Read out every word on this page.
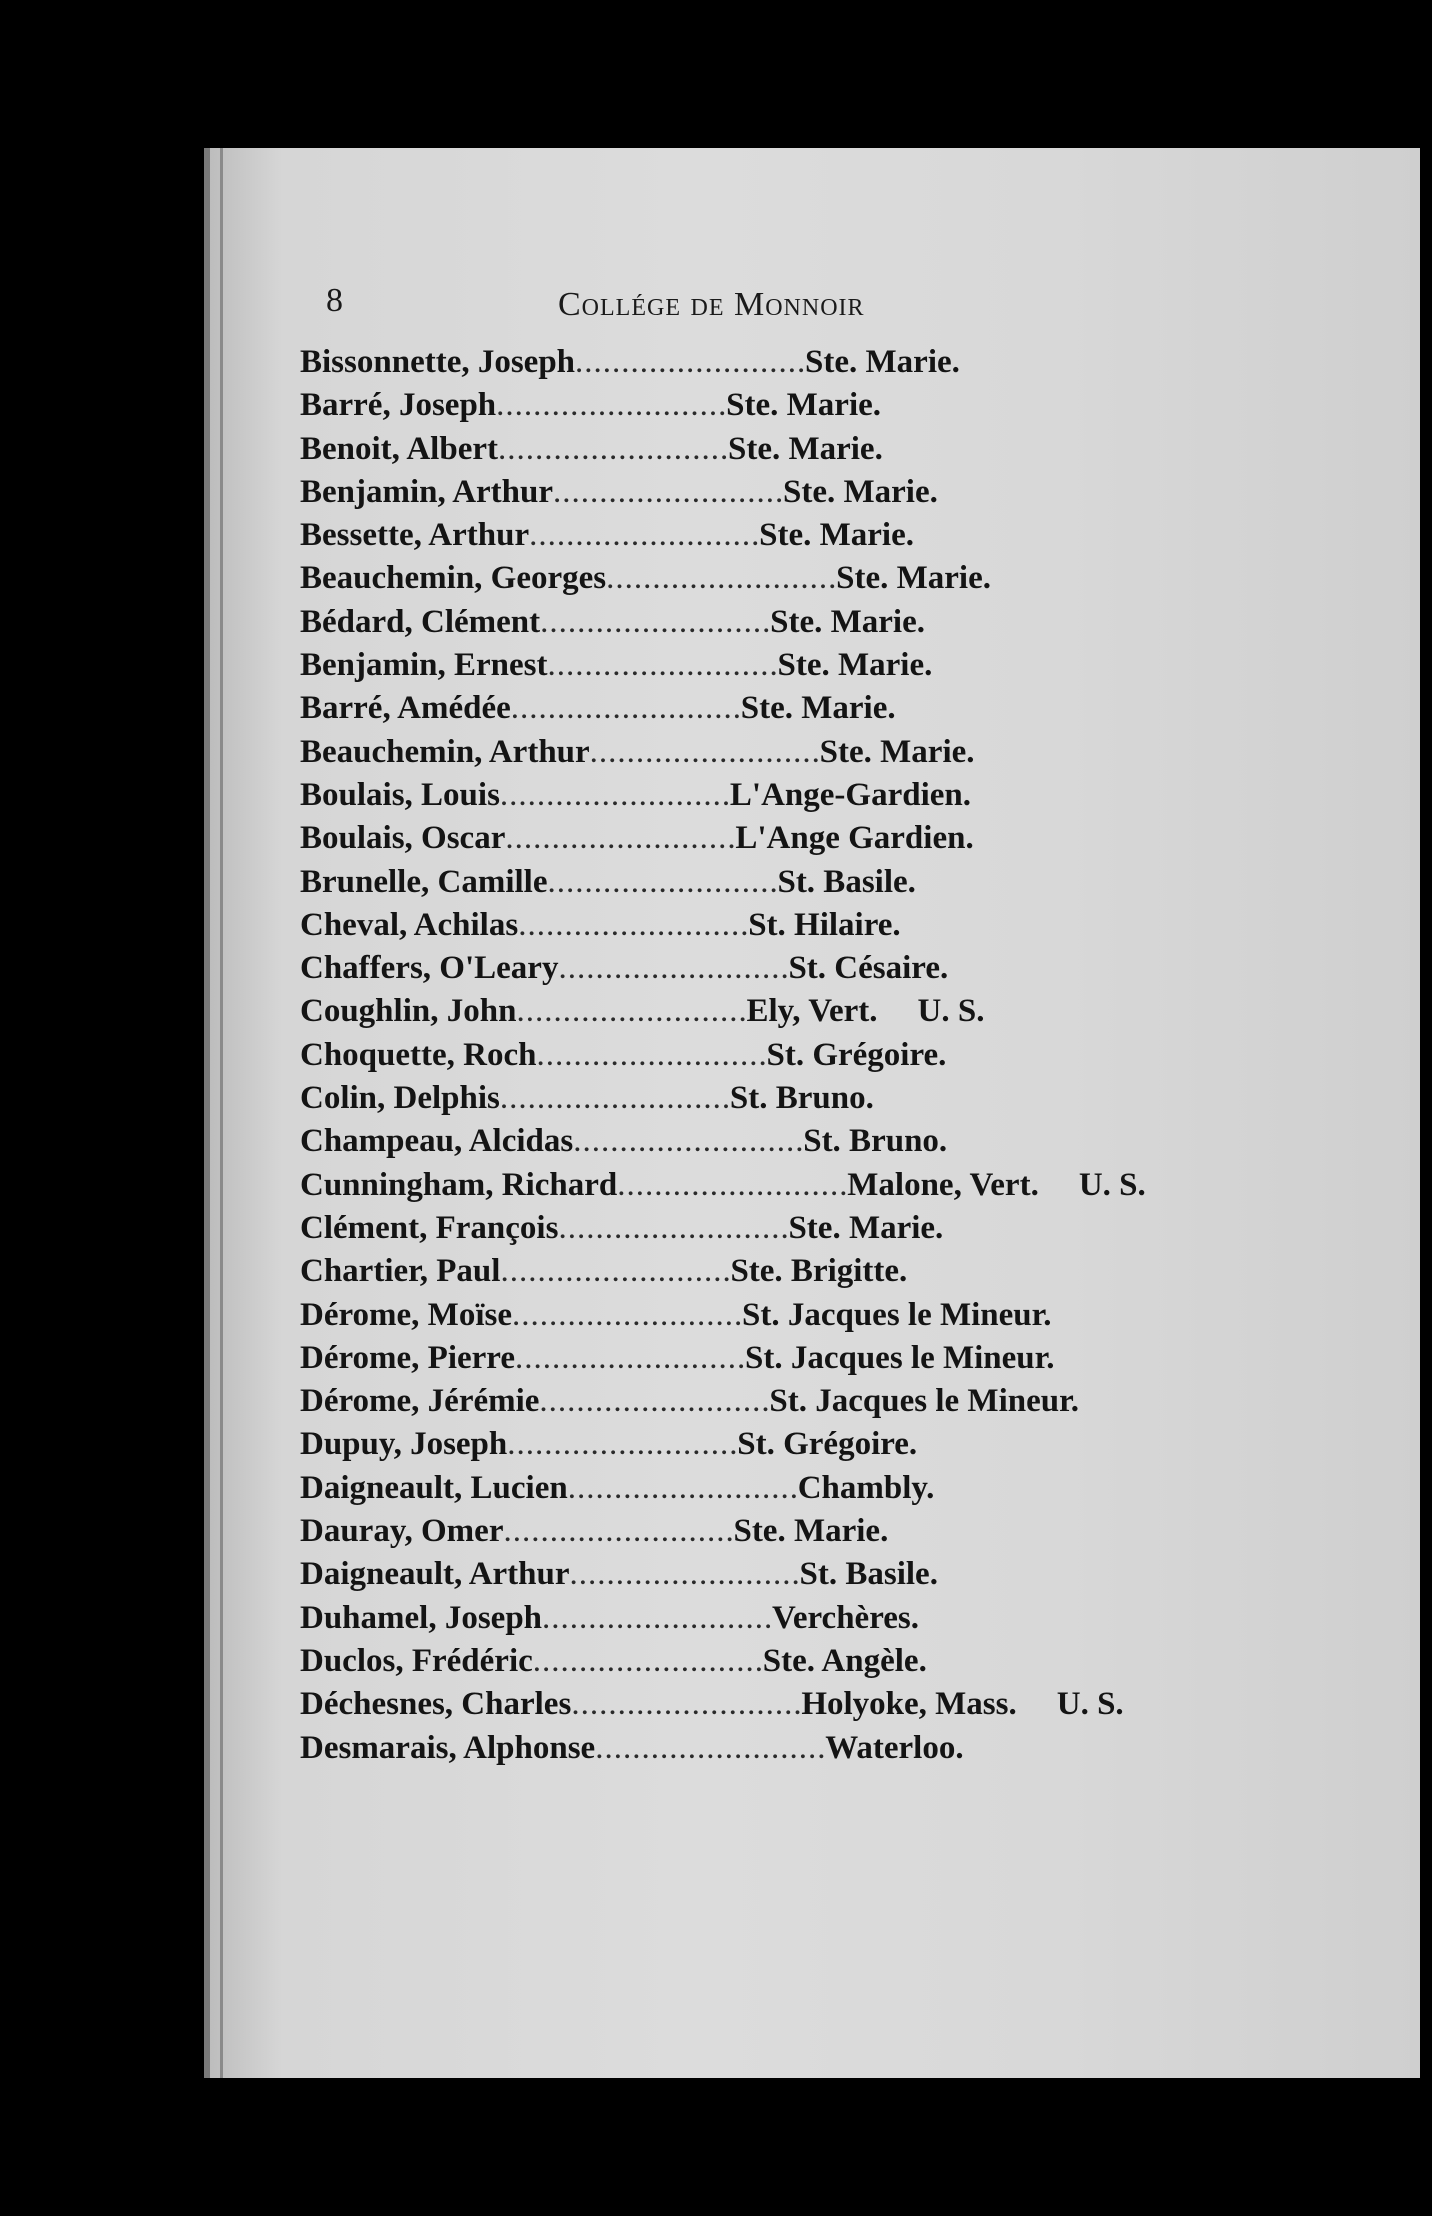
8	Collége de Monnoir
Bissonnette, Joseph .....	Ste. Marie.
Barré, Joseph .....	Ste. Marie.
Benoit, Albert .....	Ste. Marie.
Benjamin, Arthur .....	Ste. Marie.
Bessette, Arthur .....	Ste. Marie.
Beauchemin, Georges .....	Ste. Marie.
Bédard, Clément .....	Ste. Marie.
Benjamin, Ernest .....	Ste. Marie.
Barré, Amédée .....	Ste. Marie.
Beauchemin, Arthur .....	Ste. Marie.
Boulais, Louis .....	L'Ange-Gardien.
Boulais, Oscar .....	L'Ange Gardien.
Brunelle, Camille .....	St. Basile.
Cheval, Achilas .....	St. Hilaire.
Chaffers, O'Leary .....	St. Césaire.
Coughlin, John .....	Ely, Vert. U. S.
Choquette, Roch .....	St. Grégoire.
Colin, Delphis .....	St. Bruno.
Champeau, Alcidas .....	St. Bruno.
Cunningham, Richard .....	Malone, Vert. U. S.
Clément, François .....	Ste. Marie.
Chartier, Paul .....	Ste. Brigitte.
Dérome, Moïse .....	St. Jacques le Mineur.
Dérome, Pierre .....	St. Jacques le Mineur.
Dérome, Jérémie .....	St. Jacques le Mineur.
Dupuy, Joseph .....	St. Grégoire.
Daigneault, Lucien .....	Chambly.
Dauray, Omer .....	Ste. Marie.
Daigneault, Arthur .....	St. Basile.
Duhamel, Joseph .....	Verchères.
Duclos, Frédéric .....	Ste. Angèle.
Déchesnes, Charles .....	Holyoke, Mass. U. S.
Desmarais, Alphonse .....	Waterloo.
